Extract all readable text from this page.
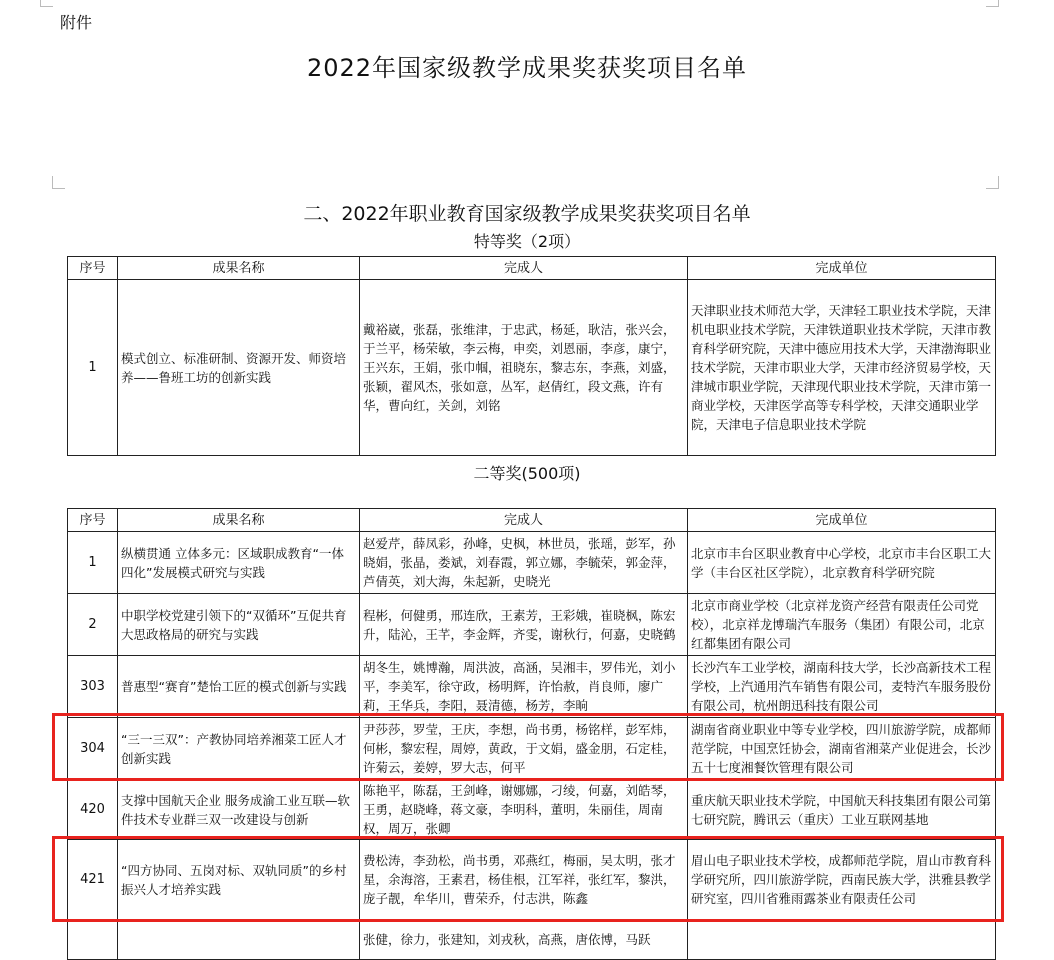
附件
2022年国家级教学成果奖获奖项目名单
二、2022年职业教育国家级教学成果奖获奖项目名单
特等奖（2项）
序号	成果名称	完成人	完成单位
1	模式创立、标准研制、资源开发、师资培养——鲁班工坊的创新实践	戴裕崴，张磊，张维津，于忠武，杨延，耿洁，张兴会，于兰平，杨荣敏，李云梅，申奕，刘恩丽，李彦，康宁，王兴东，王娟，张巾帼，祖晓东，黎志东，李燕，刘盛，张颖，翟风杰，张如意，丛军，赵倩红，段文燕，许有华，曹向红，关剑，刘铭	天津职业技术师范大学，天津轻工职业技术学院，天津机电职业技术学院，天津铁道职业技术学院，天津市教育科学研究院，天津中德应用技术大学，天津渤海职业技术学院，天津市职业大学，天津市经济贸易学校，天津城市职业学院，天津现代职业技术学院，天津市第一商业学校，天津医学高等专科学校，天津交通职业学院，天津电子信息职业技术学院
二等奖(500项)
序号	成果名称	完成人	完成单位
1	纵横贯通 立体多元：区域职成教育“一体四化”发展模式研究与实践	赵爱芹，薛凤彩，孙峰，史枫，林世员，张瑶，彭军，孙晓娟，张晶，娄斌，刘春霞，郭立娜，李毓荣，郭金萍，芦倩英，刘大海，朱起新，史晓光	北京市丰台区职业教育中心学校，北京市丰台区职工大学（丰台区社区学院），北京教育科学研究院
2	中职学校党建引领下的“双循环”互促共育大思政格局的研究与实践	程彬，何健勇，邢连欣，王素芳，王彩娥，崔晓枫，陈宏升，陆沁，王芊，李金辉，齐雯，谢秋行，何嘉，史晓鹤	北京市商业学校（北京祥龙资产经营有限责任公司党校），北京祥龙博瑞汽车服务（集团）有限公司，北京红都集团有限公司
303	普惠型“赛育”楚怡工匠的模式创新与实践	胡冬生，姚博瀚，周洪波，高涵，吴湘丰，罗伟光，刘小平，李美军，徐守政，杨明辉，许怡赦，肖良师，廖广莉，王华兵，李阳，聂清德，杨芳，李晌	长沙汽车工业学校，湖南科技大学，长沙高新技术工程学校，上汽通用汽车销售有限公司，麦特汽车服务股份有限公司，杭州朗迅科技有限公司
304	“三一三双”：产教协同培养湘菜工匠人才创新实践	尹莎莎，罗莹，王庆，李想，尚书勇，杨铭样，彭军炜，何彬，黎宏程，周婷，黄政，于文娟，盛金朋，石定桂，许菊云，姜婷，罗大志，何平	湖南省商业职业中等专业学校，四川旅游学院，成都师范学院，中国烹饪协会，湖南省湘菜产业促进会，长沙五十七度湘餐饮管理有限公司
420	支撑中国航天企业 服务成渝工业互联—软件技术专业群三双一改建设与创新	陈艳平，陈磊，王剑峰，谢娜娜，刁绫，何嘉，刘皓琴，王勇，赵晓峰，蒋文豪，李明科，董明，朱丽佳，周南权，周万，张卿	重庆航天职业技术学院，中国航天科技集团有限公司第七研究院，腾讯云（重庆）工业互联网基地
421	“四方协同、五岗对标、双轨同质”的乡村振兴人才培养实践	费松涛，李劲松，尚书勇，邓燕红，梅丽，吴太明，张才星，余海溶，王素君，杨佳根，江军祥，张红军，黎洪，庞子靓，牟华川，曹荣乔，付志洪，陈鑫	眉山电子职业技术学校，成都师范学院，眉山市教育科学研究所，四川旅游学院，西南民族大学，洪雅县教学研究室，四川省雅雨露茶业有限责任公司
		张健，徐力，张建知，刘戎秋，高燕，唐依博，马跃	
